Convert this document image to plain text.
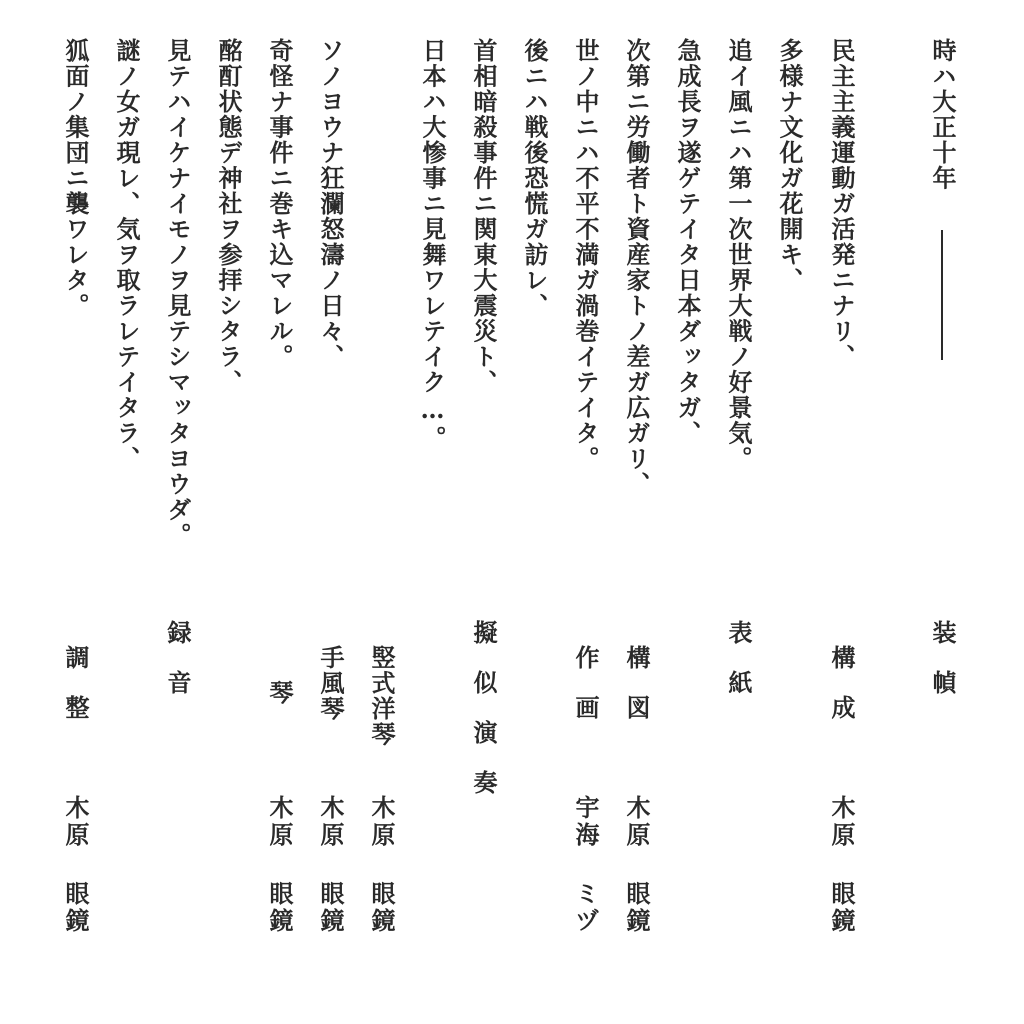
時ハ大正十年

民主主義運動ガ活発ニナリ、

多様ナ文化ガ花開キ、

追イ風ニハ第一次世界大戦ノ好景気。

急成長ヲ遂ゲテイタ日本ダッタガ、

次第ニ労働者ト資産家トノ差ガ広ガリ、

世ノ中ニハ不平不満ガ渦巻イテイタ。

後ニハ戦後恐慌ガ訪レ、

首相暗殺事件ニ関東大震災ト、

日本ハ大惨事ニ見舞ワレテイク…。

ソノヨウナ狂瀾怒濤ノ日々、

奇怪ナ事件ニ巻キ込マレル。

酩酊状態デ神社ヲ参拝シタラ、

見テハイケナイモノヲ見テシマッタヨウダ。

謎ノ女ガ現レ、気ヲ取ラレテイタラ、

狐面ノ集団ニ襲ワレタ。

装幀

構成

木原 眼鏡

表紙

構図

木原 眼鏡

作画

宇海 ミヅ

擬似演奏

竪式洋琴

木原 眼鏡

手風琴

木原 眼鏡

琴

木原 眼鏡

録音

調整

木原 眼鏡
